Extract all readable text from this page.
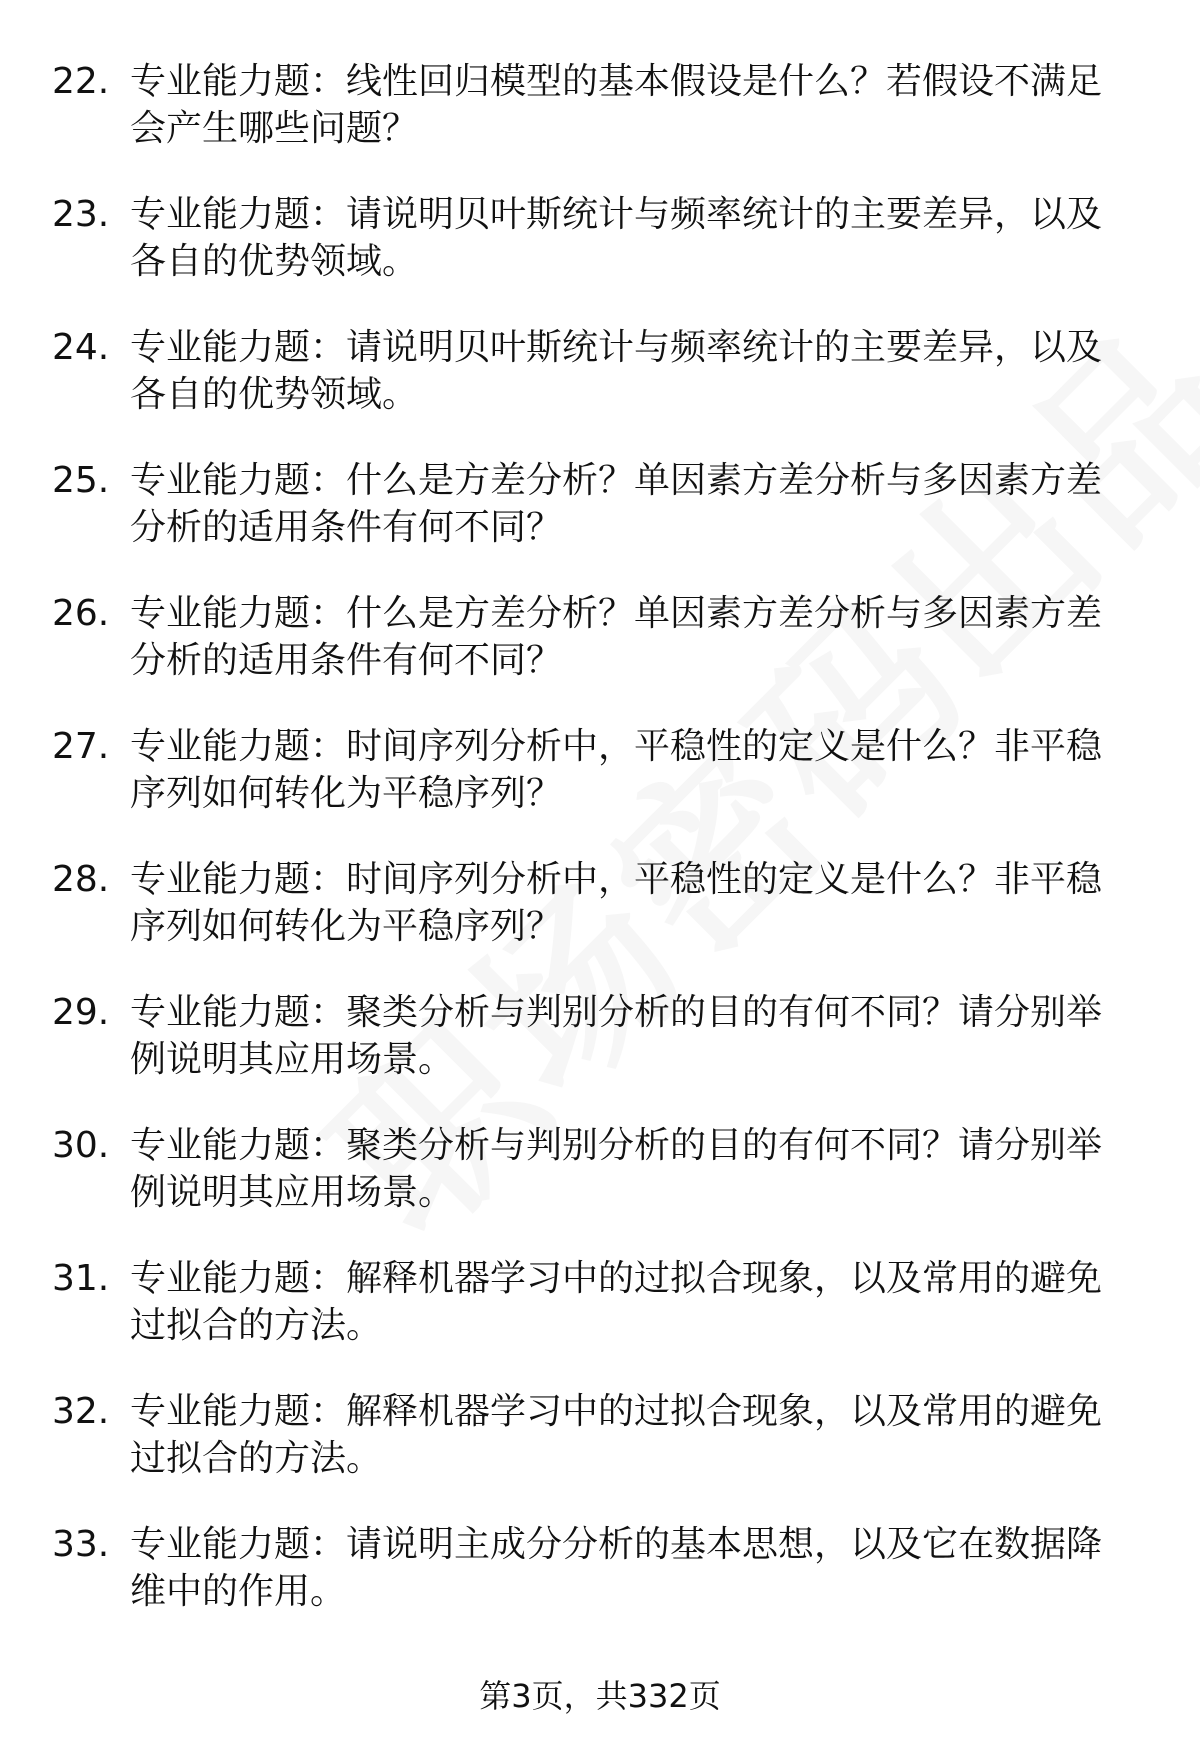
22. 专业能力题：线性回归模型的基本假设是什么？若假设不满足会产生哪些问题？
23. 专业能力题：请说明贝叶斯统计与频率统计的主要差异，以及各自的优势领域。
24. 专业能力题：请说明贝叶斯统计与频率统计的主要差异，以及各自的优势领域。
25. 专业能力题：什么是方差分析？单因素方差分析与多因素方差分析的适用条件有何不同？
26. 专业能力题：什么是方差分析？单因素方差分析与多因素方差分析的适用条件有何不同？
27. 专业能力题：时间序列分析中，平稳性的定义是什么？非平稳序列如何转化为平稳序列？
28. 专业能力题：时间序列分析中，平稳性的定义是什么？非平稳序列如何转化为平稳序列？
29. 专业能力题：聚类分析与判别分析的目的有何不同？请分别举例说明其应用场景。
30. 专业能力题：聚类分析与判别分析的目的有何不同？请分别举例说明其应用场景。
31. 专业能力题：解释机器学习中的过拟合现象，以及常用的避免过拟合的方法。
32. 专业能力题：解释机器学习中的过拟合现象，以及常用的避免过拟合的方法。
33. 专业能力题：请说明主成分分析的基本思想，以及它在数据降维中的作用。
第3页，共332页
